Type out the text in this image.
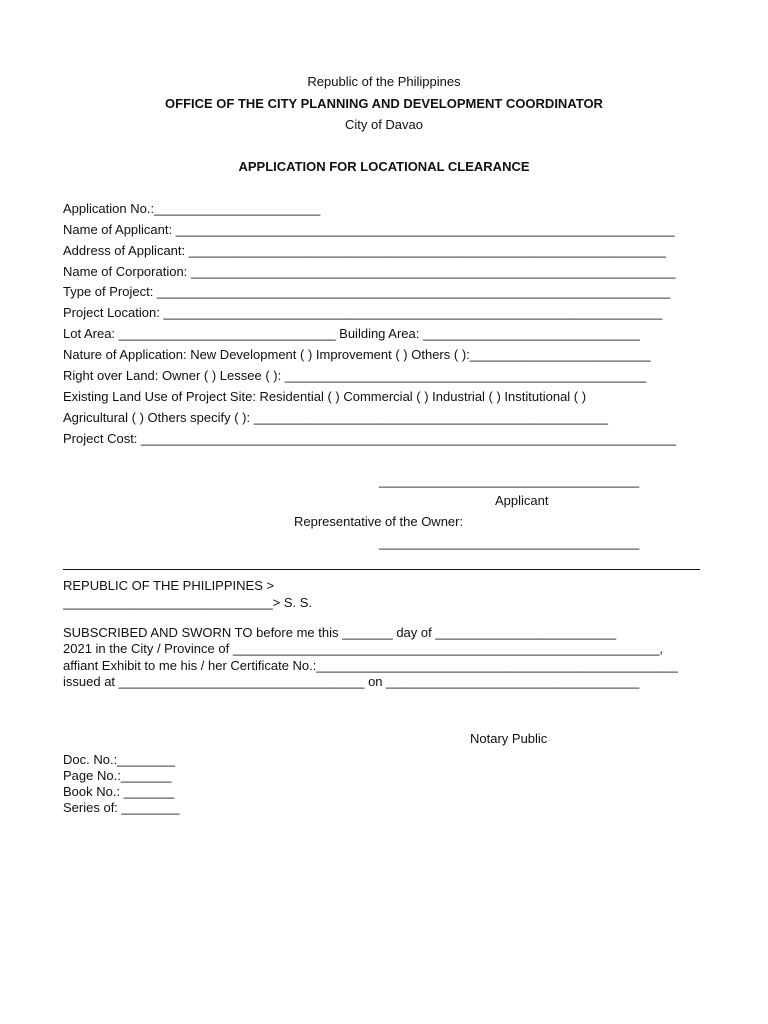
Republic of the Philippines
OFFICE OF THE CITY PLANNING AND DEVELOPMENT COORDINATOR
City of Davao
APPLICATION FOR LOCATIONAL CLEARANCE
Application No.:_______________________
Name of Applicant: _____________________________________________________________________
Address of Applicant: __________________________________________________________________
Name of Corporation: ___________________________________________________________________
Type of Project: _______________________________________________________________________
Project Location: _____________________________________________________________________
Lot Area: ______________________________ Building Area: ______________________________
Nature of Application: New Development ( ) Improvement ( ) Others ( ):_________________________
Right over Land: Owner ( ) Lessee ( ): __________________________________________________
Existing Land Use of Project Site: Residential ( ) Commercial ( ) Industrial ( ) Institutional ( )
Agricultural ( ) Others specify ( ): _________________________________________________
Project Cost: __________________________________________________________________________
____________________________________
Applicant
Representative of the Owner:
____________________________________
REPUBLIC OF THE PHILIPPINES >
_____________________________> S. S.
SUBSCRIBED AND SWORN TO before me this _______ day of _________________________
2021 in the City / Province of ___________________________________________________________,
affiant Exhibit to me his / her Certificate No.:__________________________________________________
issued at __________________________________ on ___________________________________
Notary Public
Doc. No.:________
Page No.:_______
Book No.: _______
Series of: ________
